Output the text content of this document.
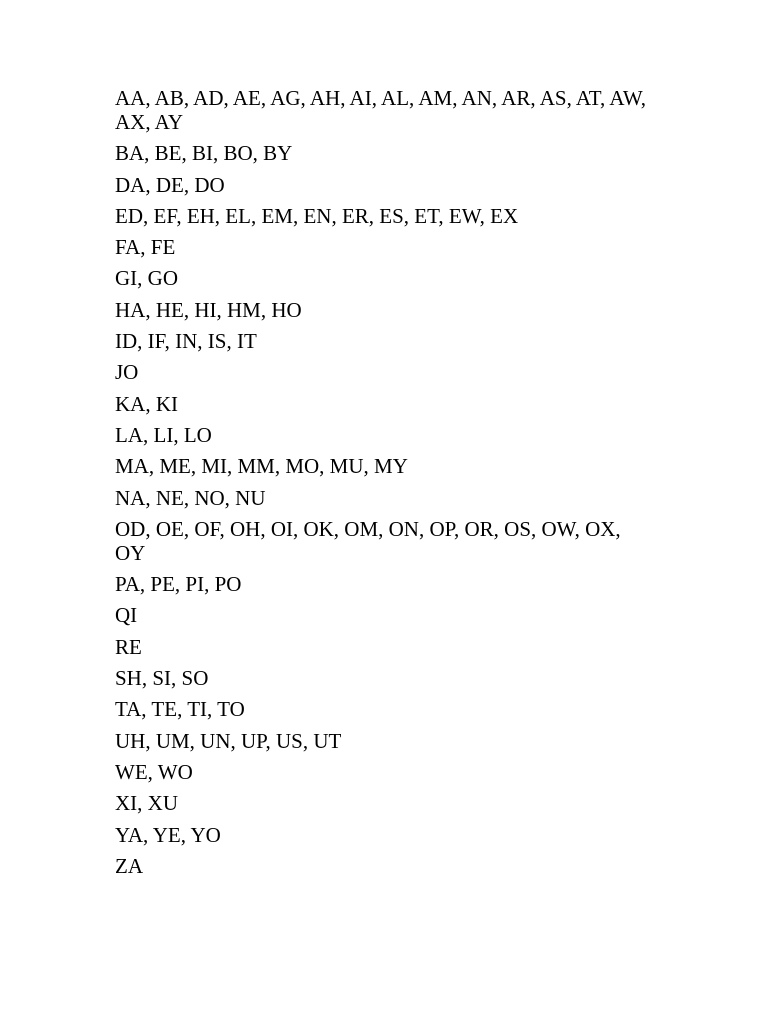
AA, AB, AD, AE, AG, AH, AI, AL, AM, AN, AR, AS, AT, AW, AX, AY
BA, BE, BI, BO, BY
DA, DE, DO
ED, EF, EH, EL, EM, EN, ER, ES, ET, EW, EX
FA, FE
GI, GO
HA, HE, HI, HM, HO
ID, IF, IN, IS, IT
JO
KA, KI
LA, LI, LO
MA, ME, MI, MM, MO, MU, MY
NA, NE, NO, NU
OD, OE, OF, OH, OI, OK, OM, ON, OP, OR, OS, OW, OX, OY
PA, PE, PI, PO
QI
RE
SH, SI, SO
TA, TE, TI, TO
UH, UM, UN, UP, US, UT
WE, WO
XI, XU
YA, YE, YO
ZA
